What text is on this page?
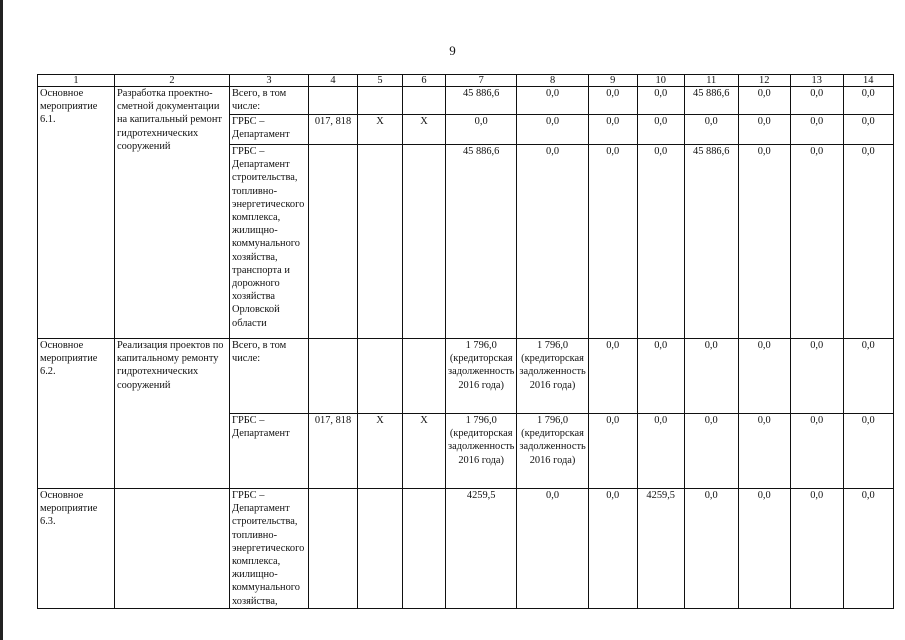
9
1	2	3	4	5	6	7	8	9	10	11	12	13	14
Основное мероприятие 6.1.	Разработка проектно-сметной документации на капитальный ремонт гидротехнических сооружений	Всего, в том числе:				45 886,6	0,0	0,0	0,0	45 886,6	0,0	0,0	0,0
		ГРБС – Департамент	017, 818	Х	Х	0,0	0,0	0,0	0,0	0,0	0,0	0,0	0,0
		ГРБС – Департамент строительства, топливно-энергетического комплекса, жилищно-коммунального хозяйства, транспорта и дорожного хозяйства Орловской области				45 886,6	0,0	0,0	0,0	45 886,6	0,0	0,0	0,0
Основное мероприятие 6.2.	Реализация проектов по капитальному ремонту гидротехнических сооружений	Всего, в том числе:				1 796,0 (кредиторская задолженность 2016 года)	1 796,0 (кредиторская задолженность 2016 года)	0,0	0,0	0,0	0,0	0,0	0,0
		ГРБС – Департамент	017, 818	Х	Х	1 796,0 (кредиторская задолженность 2016 года)	1 796,0 (кредиторская задолженность 2016 года)	0,0	0,0	0,0	0,0	0,0	0,0
Основное мероприятие 6.3.		ГРБС – Департамент строительства, топливно-энергетического комплекса, жилищно-коммунального хозяйства,				4259,5	0,0	0,0	4259,5	0,0	0,0	0,0	0,0
